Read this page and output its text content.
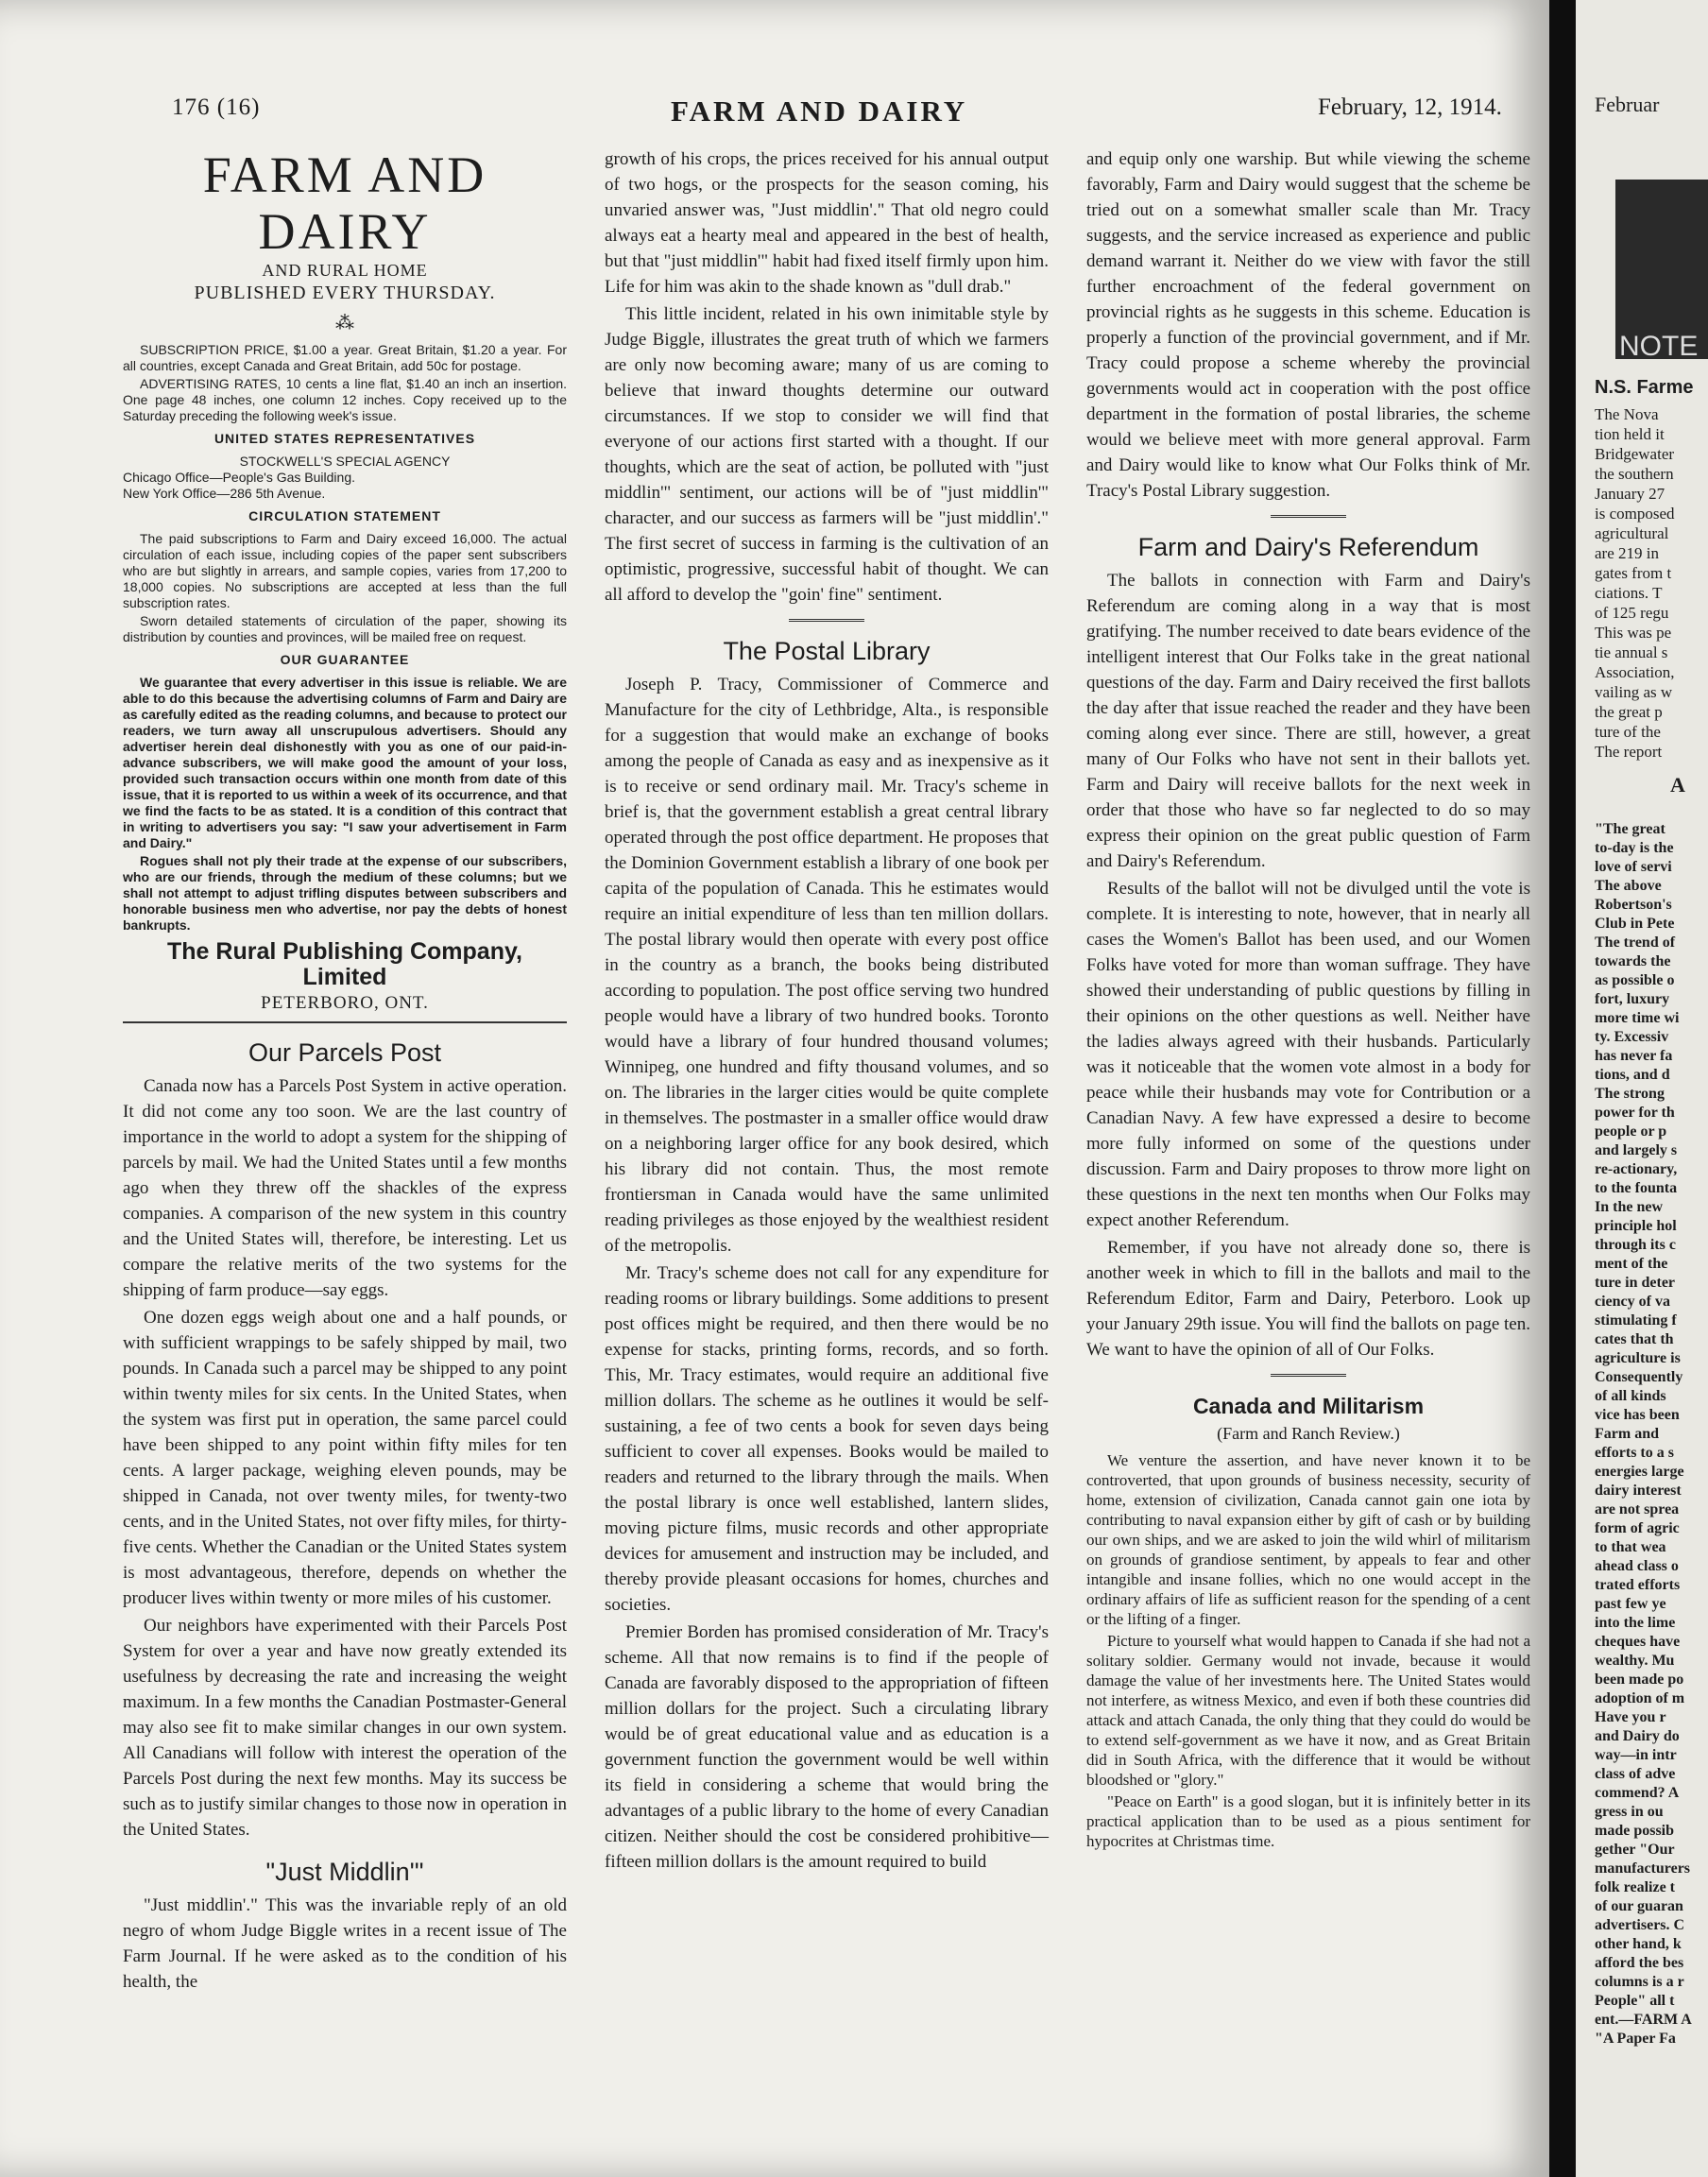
176 (16)	FARM AND DAIRY	February, 12, 1914.
FARM AND DAIRY
AND RURAL HOME
PUBLISHED EVERY THURSDAY.
⁂

SUBSCRIPTION PRICE, $1.00 a year. Great Britain, $1.20 a year. For all countries, except Canada and Great Britain, add 50c for postage.

ADVERTISING RATES, 10 cents a line flat, $1.40 an inch an insertion. One page 48 inches, one column 12 inches. Copy received up to the Saturday preceding the following week's issue.

UNITED STATES REPRESENTATIVES
STOCKWELL'S SPECIAL AGENCY
Chicago Office—People's Gas Building.
New York Office—286 5th Avenue.
CIRCULATION STATEMENT

The paid subscriptions to Farm and Dairy exceed 16,000. The actual circulation of each issue, including copies of the paper sent subscribers who are but slightly in arrears, and sample copies, varies from 17,200 to 18,000 copies. No subscriptions are accepted at less than the full subscription rates.

Sworn detailed statements of circulation of the paper, showing its distribution by counties and provinces, will be mailed free on request.

OUR GUARANTEE

We guarantee that every advertiser in this issue is reliable. We are able to do this because the advertising columns of Farm and Dairy are as carefully edited as the reading columns, and because to protect our readers, we turn away all unscrupulous advertisers. Should any advertiser herein deal dishonestly with you as one of our paid-in-advance subscribers, we will make good the amount of your loss, provided such transaction occurs within one month from date of this issue, that it is reported to us within a week of its occurrence, and that we find the facts to be as stated. It is a condition of this contract that in writing to advertisers you say: "I saw your advertisement in Farm and Dairy."

Rogues shall not ply their trade at the expense of our subscribers, who are our friends, through the medium of these columns; but we shall not attempt to adjust trifling disputes between subscribers and honorable business men who advertise, nor pay the debts of honest bankrupts.

The Rural Publishing Company, Limited
PETERBORO, ONT.
Our Parcels Post

Canada now has a Parcels Post System in active operation. It did not come any too soon. We are the last country of importance in the world to adopt a system for the shipping of parcels by mail. We had the United States until a few months ago when they threw off the shackles of the express companies. A comparison of the new system in this country and the United States will, therefore, be interesting. Let us compare the relative merits of the two systems for the shipping of farm produce—say eggs.

One dozen eggs weigh about one and a half pounds, or with sufficient wrappings to be safely shipped by mail, two pounds. In Canada such a parcel may be shipped to any point within twenty miles for six cents. In the United States, when the system was first put in operation, the same parcel could have been shipped to any point within fifty miles for ten cents. A larger package, weighing eleven pounds, may be shipped in Canada, not over twenty miles, for twenty-two cents, and in the United States, not over fifty miles, for thirty-five cents. Whether the Canadian or the United States system is most advantageous, therefore, depends on whether the producer lives within twenty or more miles of his customer.

Our neighbors have experimented with their Parcels Post System for over a year and have now greatly extended its usefulness by decreasing the rate and increasing the weight maximum. In a few months the Canadian Postmaster-General may also see fit to make similar changes in our own system. All Canadians will follow with interest the operation of the Parcels Post during the next few months. May its success be such as to justify similar changes to those now in operation in the United States.

"Just Middlin'"

"Just middlin'." This was the invariable reply of an old negro of whom Judge Biggle writes in a recent issue of The Farm Journal. If he were asked as to the condition of his health, the

growth of his crops, the prices received for his annual output of two hogs, or the prospects for the season coming, his unvaried answer was, "Just middlin'." That old negro could always eat a hearty meal and appeared in the best of health, but that "just middlin'" habit had fixed itself firmly upon him. Life for him was akin to the shade known as "dull drab."

This little incident, related in his own inimitable style by Judge Biggle, illustrates the great truth of which we farmers are only now becoming aware; many of us are coming to believe that inward thoughts determine our outward circumstances. If we stop to consider we will find that everyone of our actions first started with a thought. If our thoughts, which are the seat of action, be polluted with "just middlin'" sentiment, our actions will be of "just middlin'" character, and our success as farmers will be "just middlin'." The first secret of success in farming is the cultivation of an optimistic, progressive, successful habit of thought. We can all afford to develop the "goin' fine" sentiment.

The Postal Library

Joseph P. Tracy, Commissioner of Commerce and Manufacture for the city of Lethbridge, Alta., is responsible for a suggestion that would make an exchange of books among the people of Canada as easy and as inexpensive as it is to receive or send ordinary mail. Mr. Tracy's scheme in brief is, that the government establish a great central library operated through the post office department. He proposes that the Dominion Government establish a library of one book per capita of the population of Canada. This he estimates would require an initial expenditure of less than ten million dollars. The postal library would then operate with every post office in the country as a branch, the books being distributed according to population. The post office serving two hundred people would have a library of two hundred books. Toronto would have a library of four hundred thousand volumes; Winnipeg, one hundred and fifty thousand volumes, and so on. The libraries in the larger cities would be quite complete in themselves. The postmaster in a smaller office would draw on a neighboring larger office for any book desired, which his library did not contain. Thus, the most remote frontiersman in Canada would have the same unlimited reading privileges as those enjoyed by the wealthiest resident of the metropolis.

Mr. Tracy's scheme does not call for any expenditure for reading rooms or library buildings. Some additions to present post offices might be required, and then there would be no expense for stacks, printing forms, records, and so forth. This, Mr. Tracy estimates, would require an additional five million dollars. The scheme as he outlines it would be self-sustaining, a fee of two cents a book for seven days being sufficient to cover all expenses. Books would be mailed to readers and returned to the library through the mails. When the postal library is once well established, lantern slides, moving picture films, music records and other appropriate devices for amusement and instruction may be included, and thereby provide pleasant occasions for homes, churches and societies.

Premier Borden has promised consideration of Mr. Tracy's scheme. All that now remains is to find if the people of Canada are favorably disposed to the appropriation of fifteen million dollars for the project. Such a circulating library would be of great educational value and as education is a government function the government would be well within its field in considering a scheme that would bring the advantages of a public library to the home of every Canadian citizen. Neither should the cost be considered prohibitive—fifteen million dollars is the amount required to build

and equip only one warship. But while viewing the scheme favorably, Farm and Dairy would suggest that the scheme be tried out on a somewhat smaller scale than Mr. Tracy suggests, and the service increased as experience and public demand warrant it. Neither do we view with favor the still further encroachment of the federal government on provincial rights as he suggests in this scheme. Education is properly a function of the provincial government, and if Mr. Tracy could propose a scheme whereby the provincial governments would act in cooperation with the post office department in the formation of postal libraries, the scheme would we believe meet with more general approval. Farm and Dairy would like to know what Our Folks think of Mr. Tracy's Postal Library suggestion.

Farm and Dairy's Referendum

The ballots in connection with Farm and Dairy's Referendum are coming along in a way that is most gratifying. The number received to date bears evidence of the intelligent interest that Our Folks take in the great national questions of the day. Farm and Dairy received the first ballots the day after that issue reached the reader and they have been coming along ever since. There are still, however, a great many of Our Folks who have not sent in their ballots yet. Farm and Dairy will receive ballots for the next week in order that those who have so far neglected to do so may express their opinion on the great public question of Farm and Dairy's Referendum.

Results of the ballot will not be divulged until the vote is complete. It is interesting to note, however, that in nearly all cases the Women's Ballot has been used, and our Women Folks have voted for more than woman suffrage. They have showed their understanding of public questions by filling in their opinions on the other questions as well. Neither have the ladies always agreed with their husbands. Particularly was it noticeable that the women vote almost in a body for peace while their husbands may vote for Contribution or a Canadian Navy. A few have expressed a desire to become more fully informed on some of the questions under discussion. Farm and Dairy proposes to throw more light on these questions in the next ten months when Our Folks may expect another Referendum.

Remember, if you have not already done so, there is another week in which to fill in the ballots and mail to the Referendum Editor, Farm and Dairy, Peterboro. Look up your January 29th issue. You will find the ballots on page ten. We want to have the opinion of all of Our Folks.

Canada and Militarism
(Farm and Ranch Review.)

We venture the assertion, and have never known it to be controverted, that upon grounds of business necessity, security of home, extension of civilization, Canada cannot gain one iota by contributing to naval expansion either by gift of cash or by building our own ships, and we are asked to join the wild whirl of militarism on grounds of grandiose sentiment, by appeals to fear and other intangible and insane follies, which no one would accept in the ordinary affairs of life as sufficient reason for the spending of a cent or the lifting of a finger.

Picture to yourself what would happen to Canada if she had not a solitary soldier. Germany would not invade, because it would damage the value of her investments here. The United States would not interfere, as witness Mexico, and even if both these countries did attack and attach Canada, the only thing that they could do would be to extend self-government as we have it now, and as Great Britain did in South Africa, with the difference that it would be without bloodshed or "glory."

"Peace on Earth" is a good slogan, but it is infinitely better in its practical application than to be used as a pious sentiment for hypocrites at Christmas time.

Februar
NOTE
N.S. Farme
The Nova
tion held it
Bridgewater
the southern
January 27
is composed
agricultural
are 219 in
gates from t
ciations. T
of 125 regu
This was pe
tie annual s
Association,
vailing as w
the great p
ture of the
The report
A
"The great
to-day is the
love of servi
The above
Robertson's
Club in Pete
The trend of
towards the
as possible o
fort, luxury
more time wi
ty. Excessiv
has never fa
tions, and d
The strong
power for th
people or p
and largely s
re-actionary,
to the founta
In the new
principle hol
through its c
ment of the
ture in deter
ciency of va
stimulating f
cates that th
agriculture is
Consequently
of all kinds
vice has been
Farm and
efforts to a s
energies large
dairy interest
are not sprea
form of agric
to that wea
ahead class o
trated efforts
past few ye
into the lime
cheques have
wealthy. Mu
been made po
adoption of m
Have you r
and Dairy do
way—in intr
class of adve
commend? A
gress in ou
made possib
gether "Our
manufacturers
folk realize t
of our guaran
advertisers. C
other hand, k
afford the bes
columns is a r
People" all t
ent.—FARM A
"A Paper Fa
